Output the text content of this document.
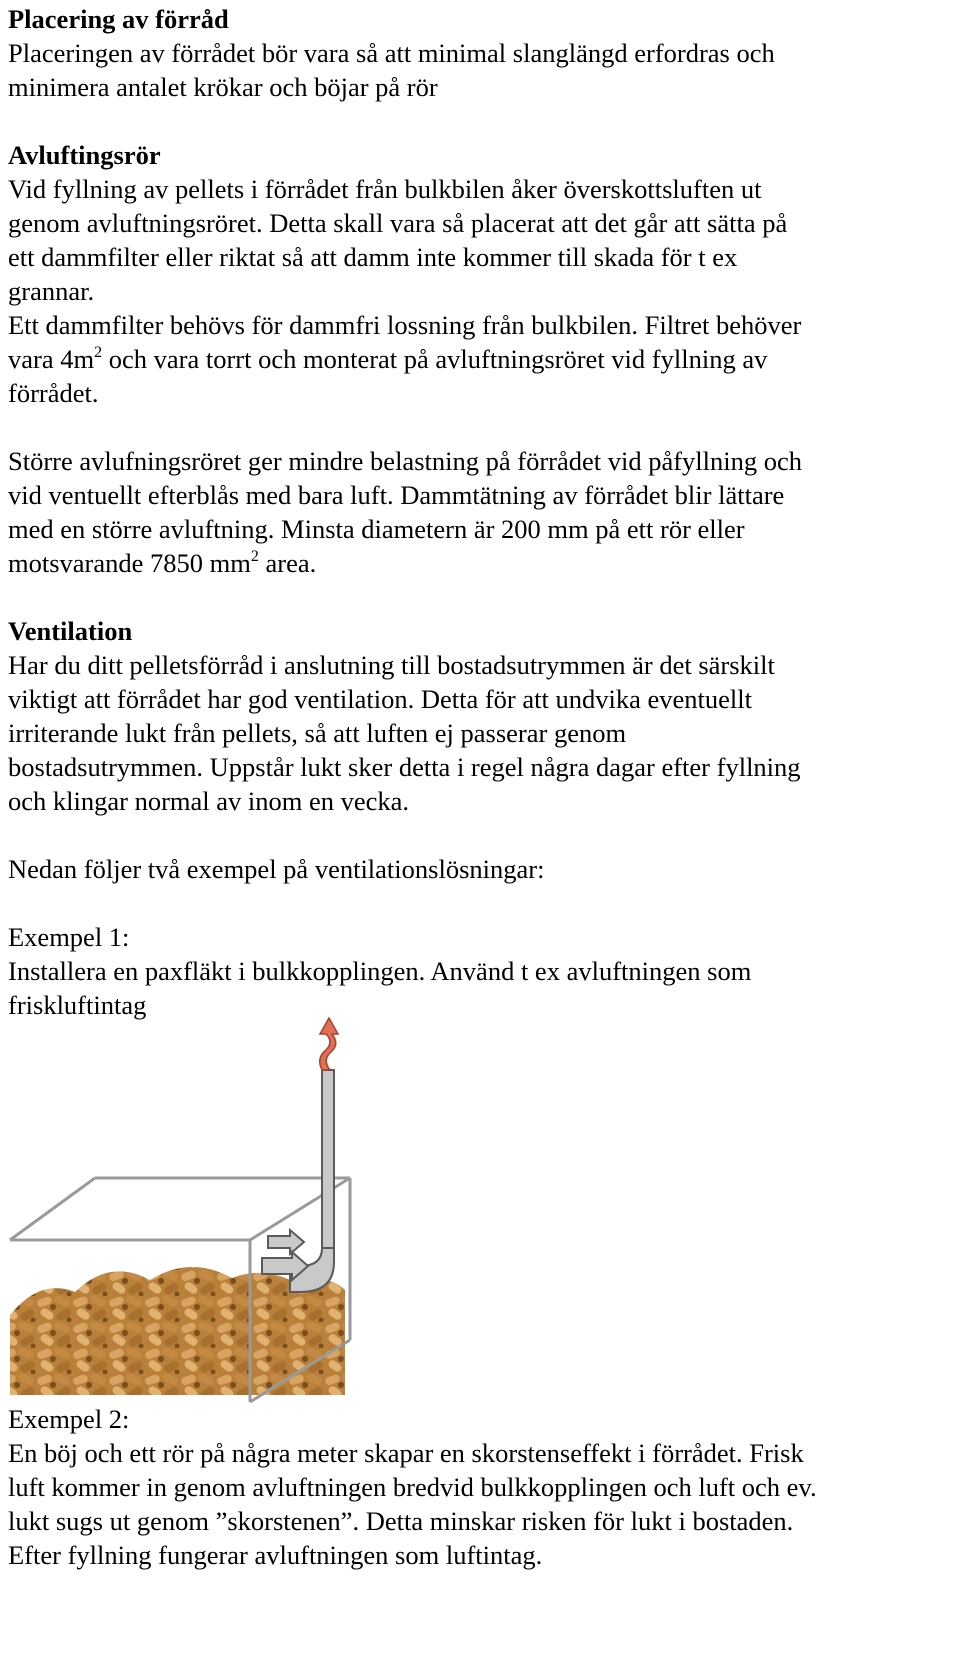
Placering av förråd

Placeringen av förrådet bör vara så att minimal slanglängd erfordras och

minimera antalet krökar och böjar på rör

Avluftingsrör

Vid fyllning av pellets i förrådet från bulkbilen åker överskottsluften ut

genom avluftningsröret. Detta skall vara så placerat att det går att sätta på

ett dammfilter eller riktat så att damm inte kommer till skada för t ex

grannar.

Ett dammfilter behövs för dammfri lossning från bulkbilen. Filtret behöver

vara $4m^2$ och vara torrt och monterat på avluftningsröret vid fyllning av

förrådet.

Större avlufningsröret ger mindre belastning på förrådet vid påfyllning och

vid ventuellt efterblås med bara luft. Dammtätning av förrådet blir lättare

med en större avluftning. Minsta diametern är 200 mm på ett rör eller

motsvarande 7850 $mm^2$ area.

Ventilation

Har du ditt pelletsförråd i anslutning till bostadsutrymmen är det särskilt

viktigt att förrådet har god ventilation. Detta för att undvika eventuellt

irriterande lukt från pellets, så att luften ej passerar genom

bostadsutrymmen. Uppstår lukt sker detta i regel några dagar efter fyllning

och klingar normal av inom en vecka.

Nedan följer två exempel på ventilationslösningar:

Exempel 1:

Installera en paxfläkt i bulkkopplingen. Använd t ex avluftningen som

friskluftintag

Exempel 2:

En böj och ett rör på några meter skapar en skorstenseffekt i förrådet. Frisk

luft kommer in genom avluftningen bredvid bulkkopplingen och luft och ev.

lukt sugs ut genom ”skorstenen”. Detta minskar risken för lukt i bostaden.

Efter fyllning fungerar avluftningen som luftintag.
